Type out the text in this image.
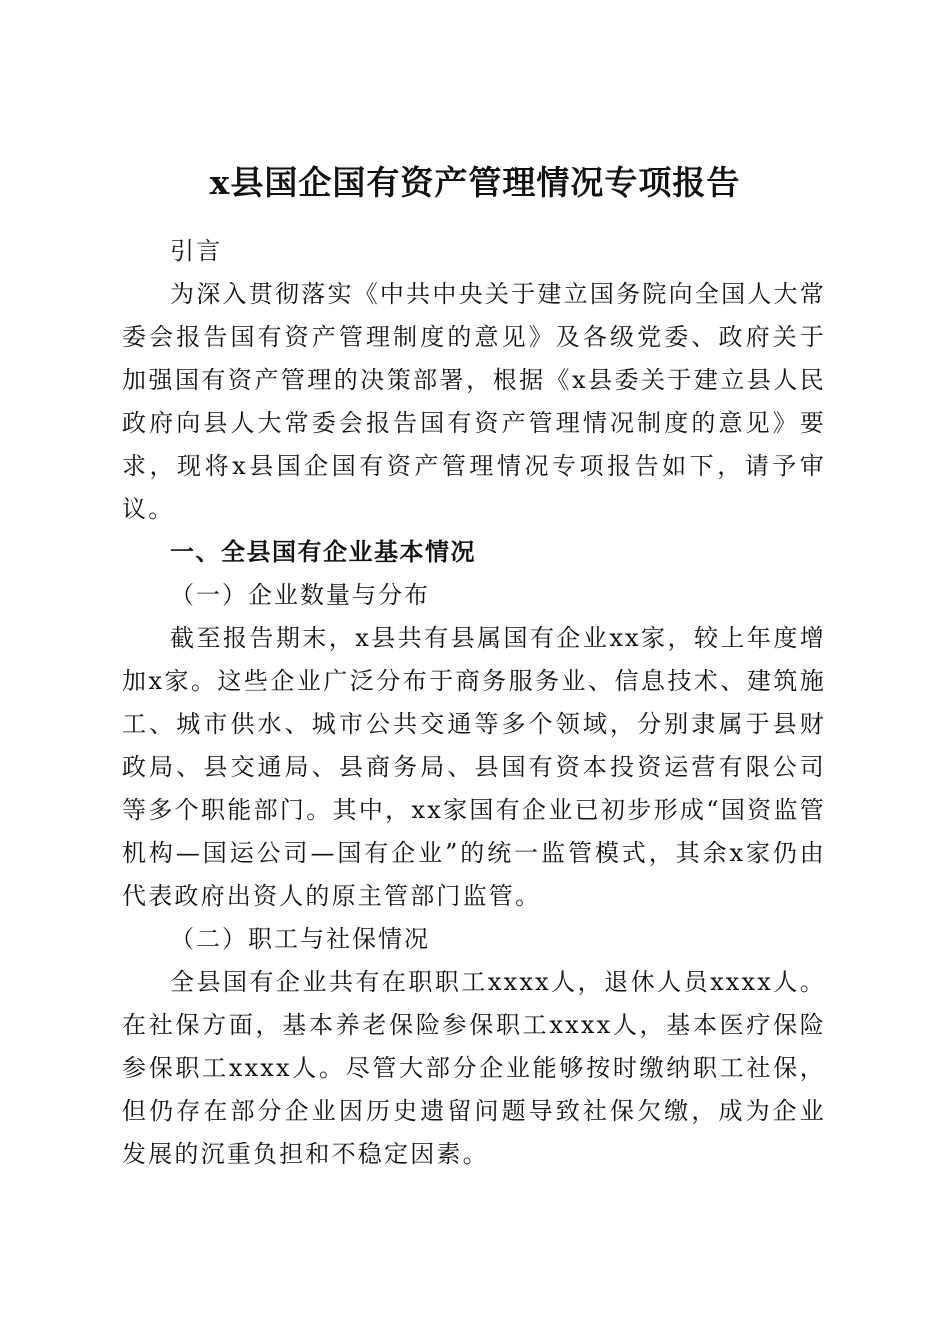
x县国企国有资产管理情况专项报告

引言

为深入贯彻落实《中共中央关于建立国务院向全国人大常委会报告国有资产管理制度的意见》及各级党委、政府关于加强国有资产管理的决策部署，根据《x县委关于建立县人民政府向县人大常委会报告国有资产管理情况制度的意见》要求，现将x县国企国有资产管理情况专项报告如下，请予审议。

一、全县国有企业基本情况

（一）企业数量与分布

截至报告期末，x县共有县属国有企业xx家，较上年度增加x家。这些企业广泛分布于商务服务业、信息技术、建筑施工、城市供水、城市公共交通等多个领域，分别隶属于县财政局、县交通局、县商务局、县国有资本投资运营有限公司等多个职能部门。其中，xx家国有企业已初步形成“国资监管机构—国运公司—国有企业”的统一监管模式，其余x家仍由代表政府出资人的原主管部门监管。

（二）职工与社保情况

全县国有企业共有在职职工xxxx人，退休人员xxxx人。在社保方面，基本养老保险参保职工xxxx人，基本医疗保险参保职工xxxx人。尽管大部分企业能够按时缴纳职工社保，但仍存在部分企业因历史遗留问题导致社保欠缴，成为企业发展的沉重负担和不稳定因素。
